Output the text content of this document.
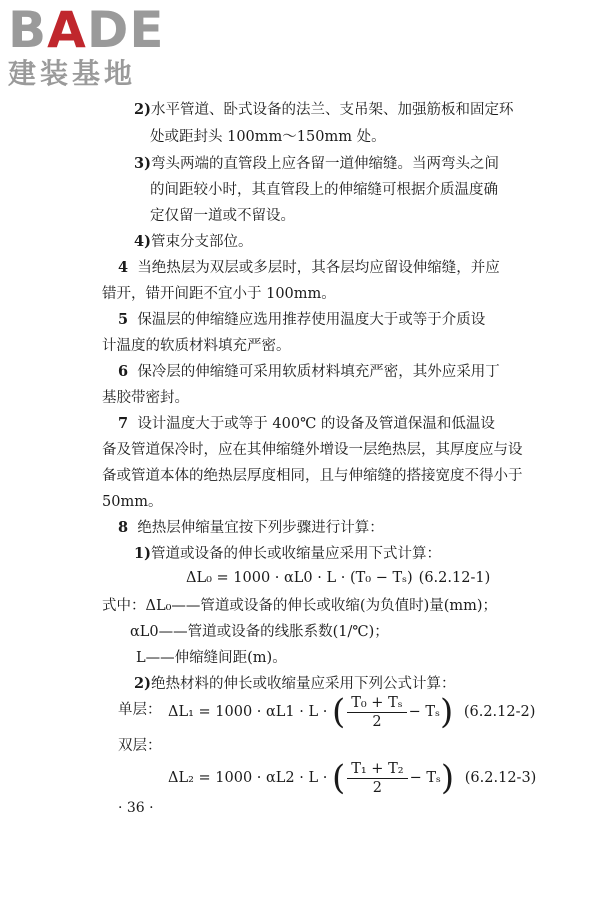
BADE
建装基地

2)水平管道、卧式设备的法兰、支吊架、加强筋板和固定环

处或距封头 100mm～150mm 处。

3)弯头两端的直管段上应各留一道伸缩缝。当两弯头之间

的间距较小时，其直管段上的伸缩缝可根据介质温度确

定仅留一道或不留设。

4)管束分支部位。

4 当绝热层为双层或多层时，其各层均应留设伸缩缝，并应

错开，错开间距不宜小于 100mm。

5 保温层的伸缩缝应选用推荐使用温度大于或等于介质设

计温度的软质材料填充严密。

6 保冷层的伸缩缝可采用软质材料填充严密，其外应采用丁

基胶带密封。

7 设计温度大于或等于 400℃ 的设备及管道保温和低温设

备及管道保冷时，应在其伸缩缝外增设一层绝热层，其厚度应与设

备或管道本体的绝热层厚度相同，且与伸缩缝的搭接宽度不得小于

50mm。

8 绝热层伸缩量宜按下列步骤进行计算：

1)管道或设备的伸长或收缩量应采用下式计算：

ΔL₀ = 1000 · αL0 · L · (T₀ − Tₛ) (6.2.12-1)

式中：ΔL₀——管道或设备的伸长或收缩(为负值时)量(mm)；

αL0——管道或设备的线胀系数(1/℃)；

L——伸缩缝间距(m)。

2)绝热材料的伸长或收缩量应采用下列公式计算：

单层： ΔL₁ = 1000 · αL1 · L · ( $\frac{\text{T₀ + Tₛ}}{2} - T_s$) (6.2.12-2)

双层：

ΔL₂ = 1000 · αL2 · L · ( $\frac{\text{T₁ + T₂}}{2} - T_s$) (6.2.12-3)
· 36 ·
